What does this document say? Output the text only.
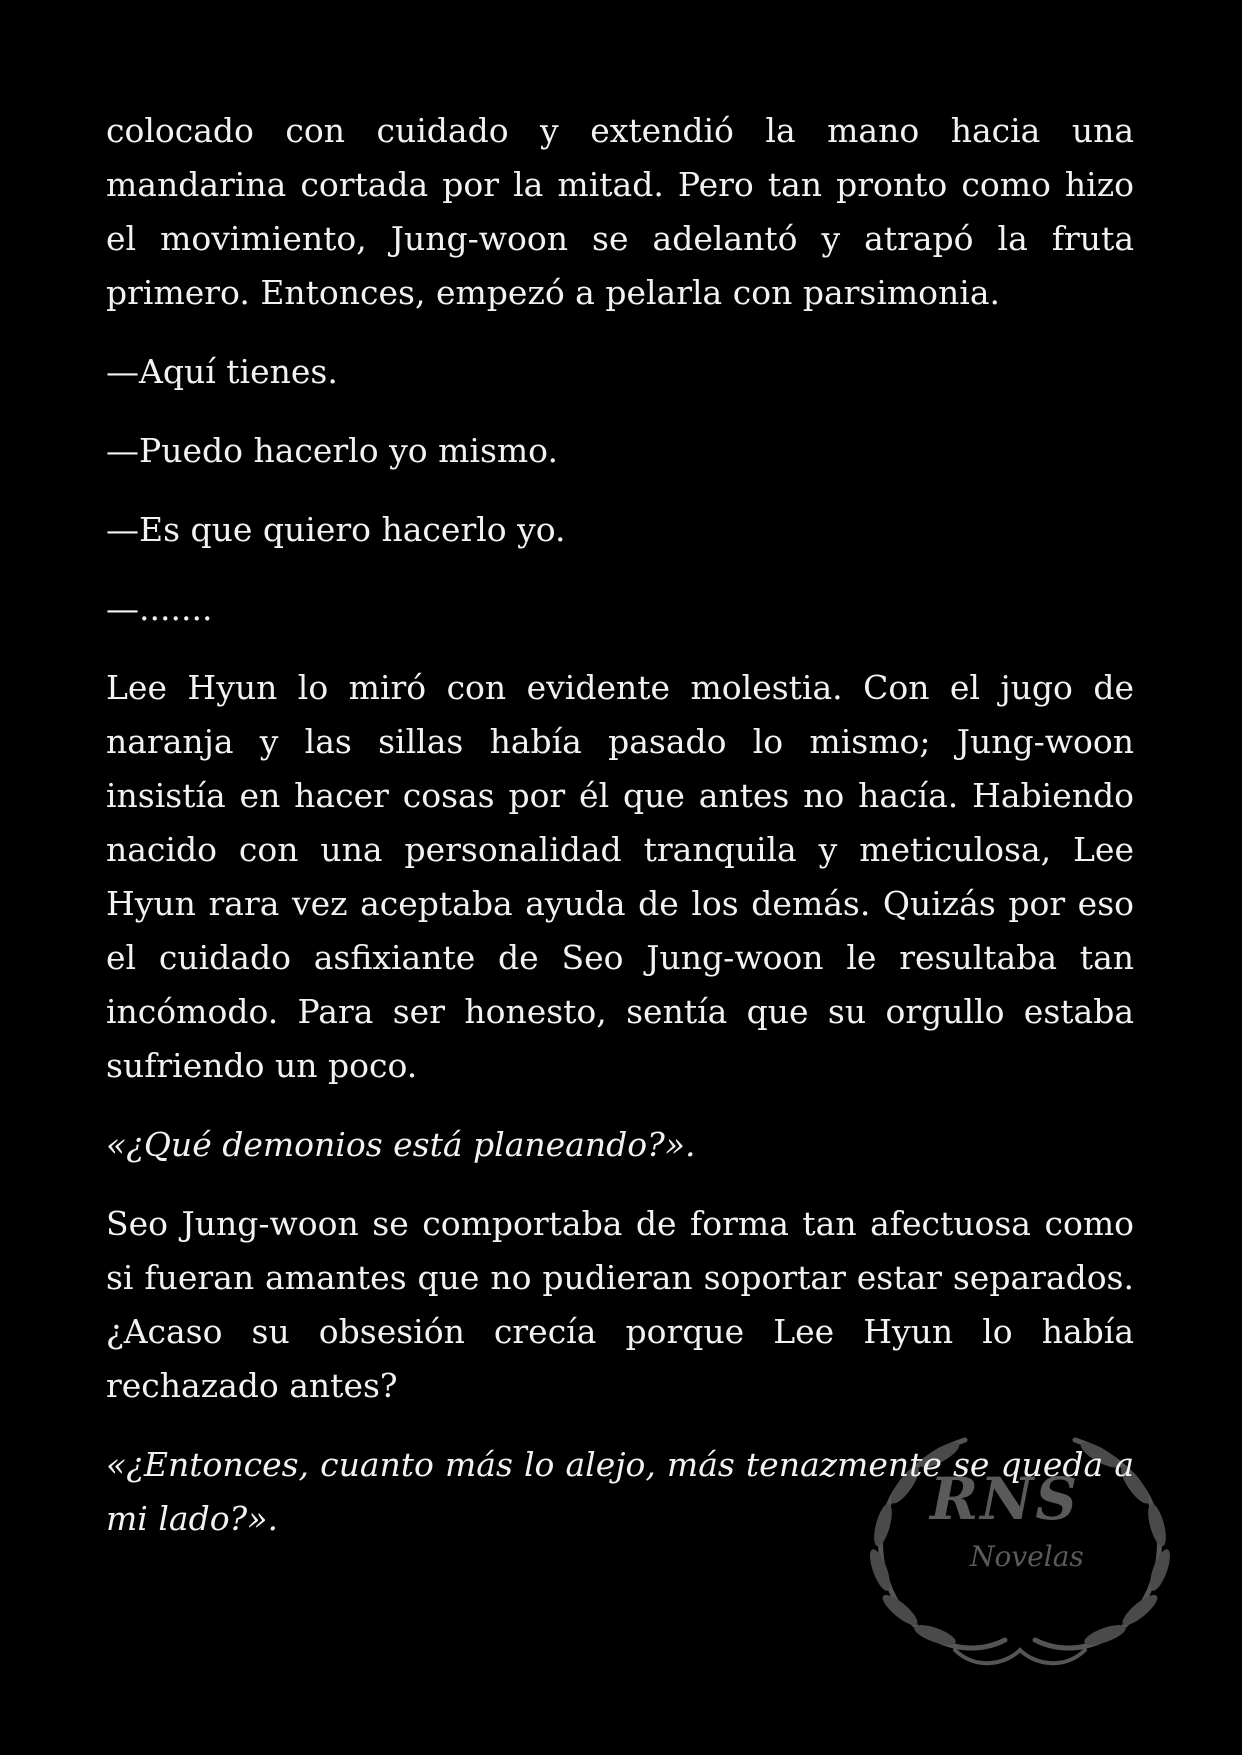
RNS
Novelas

colocado con cuidado y extendió la mano hacia una mandarina cortada por la mitad. Pero tan pronto como hizo el movimiento, Jung-woon se adelantó y atrapó la fruta primero. Entonces, empezó a pelarla con parsimonia.

—Aquí tienes.

—Puedo hacerlo yo mismo.

—Es que quiero hacerlo yo.

—.......

Lee Hyun lo miró con evidente molestia. Con el jugo de naranja y las sillas había pasado lo mismo; Jung-woon insistía en hacer cosas por él que antes no hacía. Habiendo nacido con una personalidad tranquila y meticulosa, Lee Hyun rara vez aceptaba ayuda de los demás. Quizás por eso el cuidado asfixiante de Seo Jung-woon le resultaba tan incómodo. Para ser honesto, sentía que su orgullo estaba sufriendo un poco.

«¿Qué demonios está planeando?».

Seo Jung-woon se comportaba de forma tan afectuosa como si fueran amantes que no pudieran soportar estar separados. ¿Acaso su obsesión crecía porque Lee Hyun lo había rechazado antes?

«¿Entonces, cuanto más lo alejo, más tenazmente se queda a mi lado?».
